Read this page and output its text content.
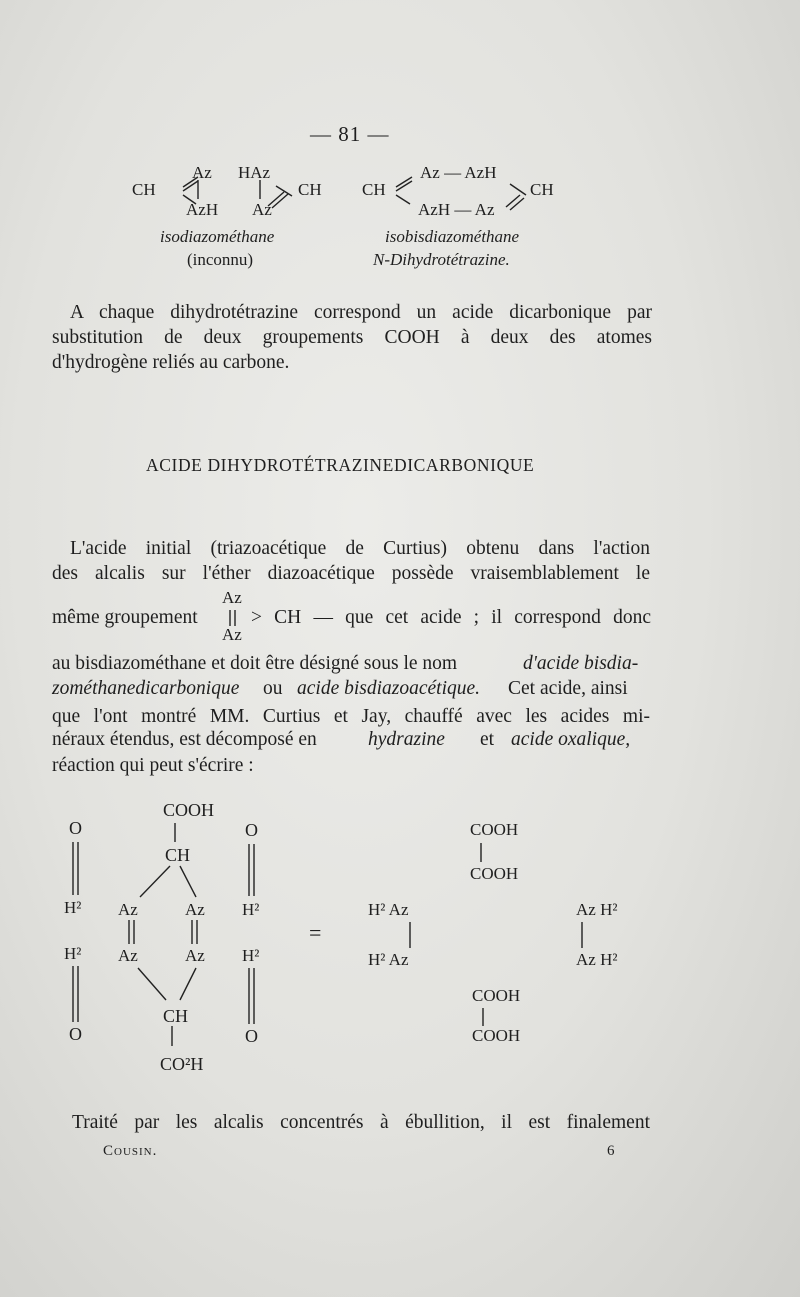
— 81 —
CH
Az HAz
AzH Az
CH
isodiazométhane
(inconnu)
CH
Az — AzH
AzH — Az
CH
isobisdiazométhane
N-Dihydrotétrazine.
A chaque dihydrotétrazine correspond un acide dicarbonique par
substitution de deux groupements COOH à deux des atomes
d'hydrogène reliés au carbone.
ACIDE DIHYDROTÉTRAZINEDICARBONIQUE
L'acide initial (triazoacétique de Curtius) obtenu dans l'action
des alcalis sur l'éther diazoacétique possède vraisemblablement le
même groupement
Az
Az
> CH — que cet acide ; il correspond donc
au bisdiazométhane et doit être désigné sous le nom	d'acide bisdia-
zométhanedicarbonique ou acide bisdiazoacétique. Cet acide, ainsi
que l'ont montré MM. Curtius et Jay, chauffé avec les acides mi-
néraux étendus, est décomposé en	hydrazine et acide oxalique,
réaction qui peut s'écrire :
COOH
CH
O	O
H²	H²
Az	Az
Az	Az
H²	H²
CH
O	O
CO²H
=
COOH
COOH
H² Az
H² Az
Az H²
Az H²
COOH
COOH
Traité par les alcalis concentrés à ébullition, il est finalement
Cousin.	6
